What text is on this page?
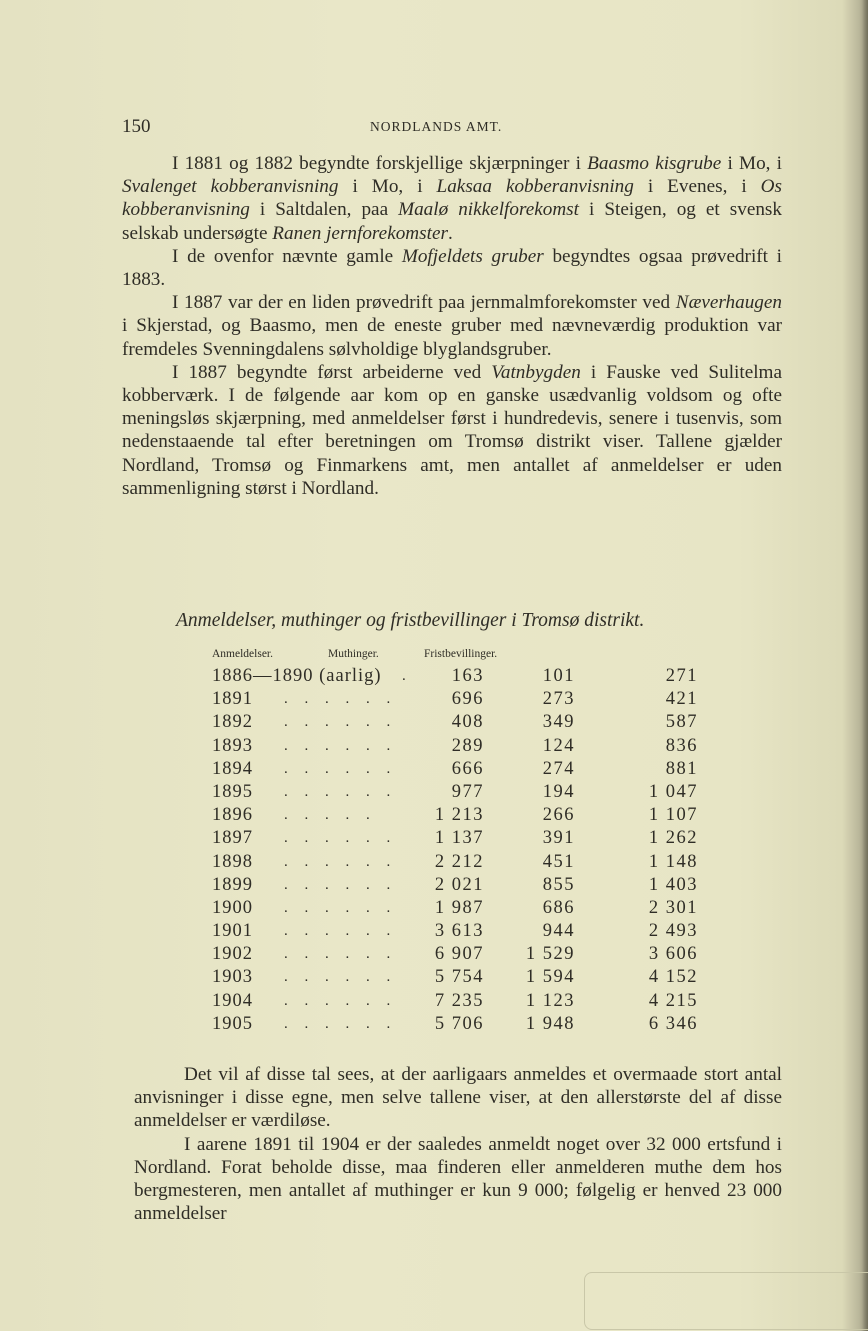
150	NORDLANDS AMT.

I 1881 og 1882 begyndte forskjellige skjærpninger i Baasmo kisgrube i Mo, i Svalenget kobberanvisning i Mo, i Laksaa kobberanvisning i Evenes, i Os kobberanvisning i Saltdalen, paa Maalø nikkelforekomst i Steigen, og et svensk selskab undersøgte Ranen jernforekomster.

I de ovenfor nævnte gamle Mofjeldets gruber begyndtes ogsaa prøvedrift i 1883.

I 1887 var der en liden prøvedrift paa jernmalmforekomster ved Næverhaugen i Skjerstad, og Baasmo, men de eneste gruber med nævneværdig produktion var fremdeles Svenningdalens sølvholdige blyglandsgruber.

I 1887 begyndte først arbeiderne ved Vatnbygden i Fauske ved Sulitelma kobberværk. I de følgende aar kom op en ganske usædvanlig voldsom og ofte meningsløs skjærpning, med anmeldelser først i hundredevis, senere i tusenvis, som nedenstaaende tal efter beretningen om Tromsø distrikt viser. Tallene gjælder Nordland, Tromsø og Finmarkens amt, men antallet af anmeldelser er uden sammenligning størst i Nordland.

Anmeldelser, muthinger og fristbevillinger i Tromsø distrikt.
Anmeldelser.	Muthinger.	Fristbevillinger.
1886—1890 (aarlig) .	163	101	271
1891 . . . . . .	696	273	421
1892 . . . . . .	408	349	587
1893 . . . . . .	289	124	836
1894 . . . . . .	666	274	881
1895 . . . . . .	977	194	1 047
1896 . . . . .	1 213	266	1 107
1897 . . . . . .	1 137	391	1 262
1898 . . . . . .	2 212	451	1 148
1899 . . . . . .	2 021	855	1 403
1900 . . . . . .	1 987	686	2 301
1901 . . . . . .	3 613	944	2 493
1902 . . . . . .	6 907	1 529	3 606
1903 . . . . . .	5 754	1 594	4 152
1904 . . . . . .	7 235	1 123	4 215
1905 . . . . . .	5 706	1 948	6 346

Det vil af disse tal sees, at der aarligaars anmeldes et overmaade stort antal anvisninger i disse egne, men selve tallene viser, at den allerstørste del af disse anmeldelser er værdiløse.

I aarene 1891 til 1904 er der saaledes anmeldt noget over 32 000 ertsfund i Nordland. Forat beholde disse, maa finderen eller anmelderen muthe dem hos bergmesteren, men antallet af muthinger er kun 9 000; følgelig er henved 23 000 anmeldelser
